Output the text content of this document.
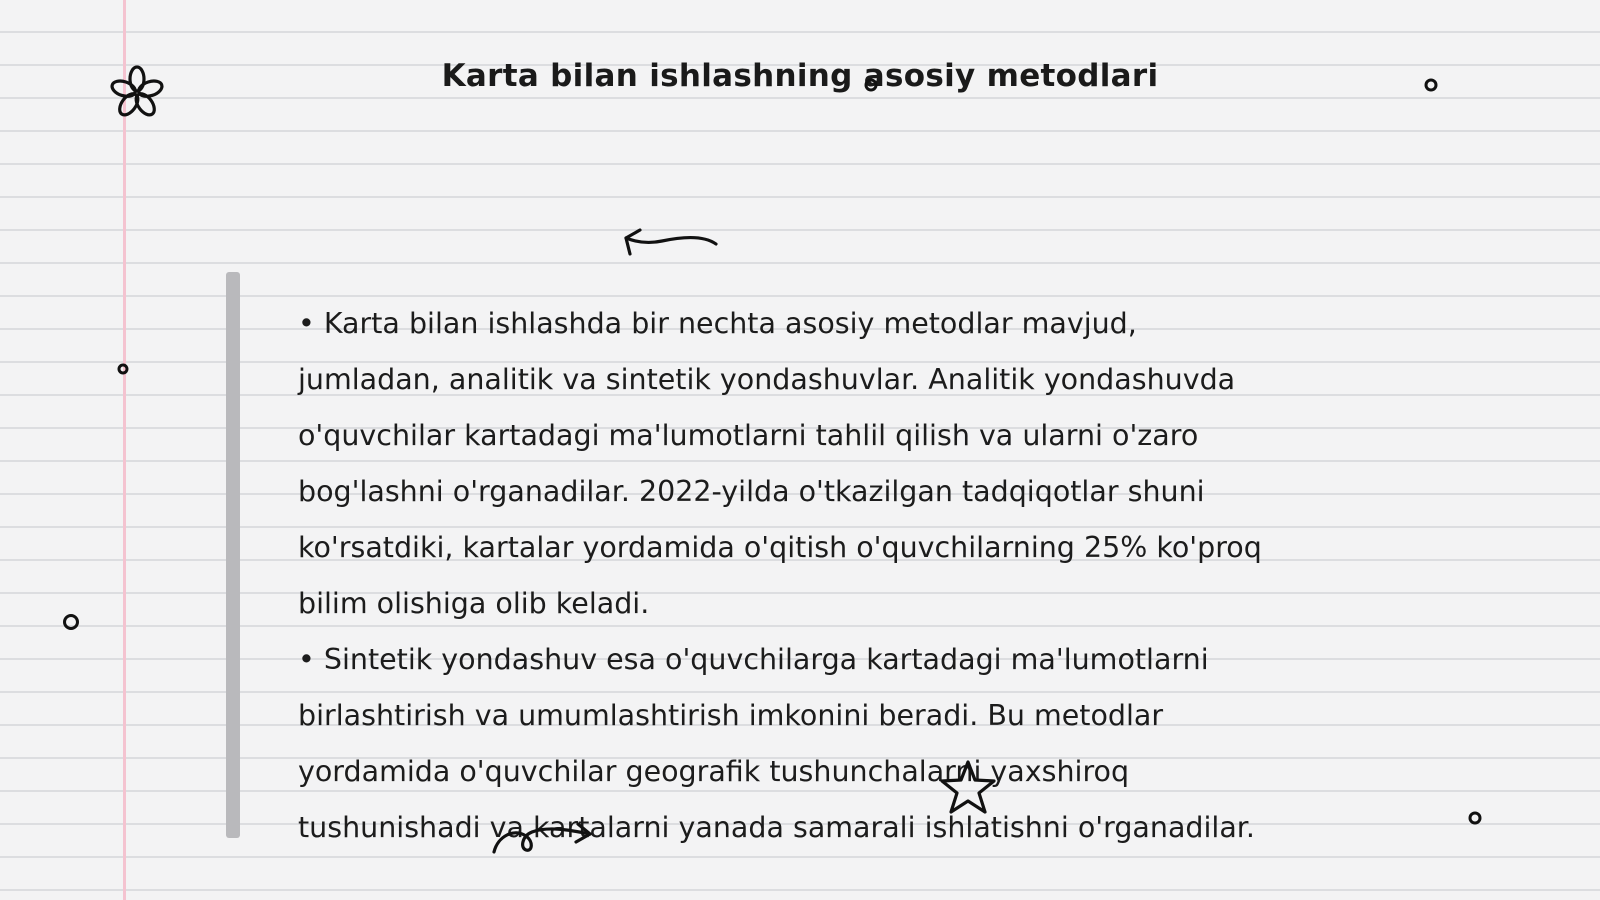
Karta bilan ishlashning asosiy metodlari

• Karta bilan ishlashda bir nechta asosiy metodlar mavjud,

jumladan, analitik va sintetik yondashuvlar. Analitik yondashuvda

o'quvchilar kartadagi ma'lumotlarni tahlil qilish va ularni o'zaro

bog'lashni o'rganadilar. 2022-yilda o'tkazilgan tadqiqotlar shuni

ko'rsatdiki, kartalar yordamida o'qitish o'quvchilarning 25% ko'proq

bilim olishiga olib keladi.

• Sintetik yondashuv esa o'quvchilarga kartadagi ma'lumotlarni

birlashtirish va umumlashtirish imkonini beradi. Bu metodlar

yordamida o'quvchilar geografik tushunchalarni yaxshiroq

tushunishadi va kartalarni yanada samarali ishlatishni o'rganadilar.
